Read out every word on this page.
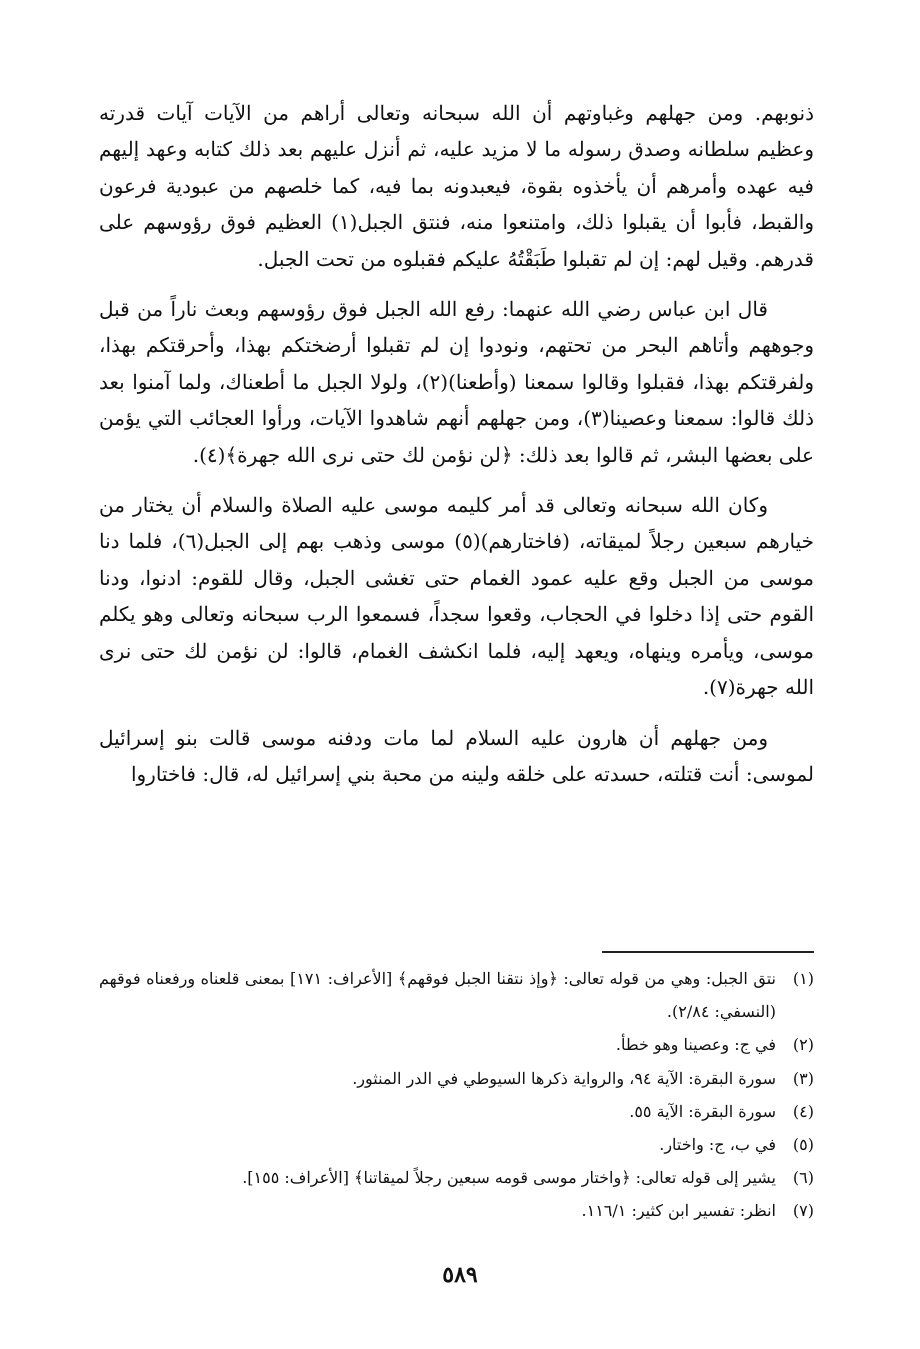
ذنوبهم. ومن جهلهم وغباوتهم أن الله سبحانه وتعالى أراهم من الآيات آيات قدرته وعظيم سلطانه وصدق رسوله ما لا مزيد عليه، ثم أنزل عليهم بعد ذلك كتابه وعهد إليهم فيه عهده وأمرهم أن يأخذوه بقوة، فيعبدونه بما فيه، كما خلصهم من عبودية فرعون والقبط، فأبوا أن يقبلوا ذلك، وامتنعوا منه، فنتق الجبل(١) العظيم فوق رؤوسهم على قدرهم. وقيل لهم: إن لم تقبلوا طَبَقْتُهُ عليكم فقبلوه من تحت الجبل.

قال ابن عباس رضي الله عنهما: رفع الله الجبل فوق رؤوسهم وبعث ناراً من قبل وجوههم وأتاهم البحر من تحتهم، ونودوا إن لم تقبلوا أرضختكم بهذا، وأحرقتكم بهذا، ولفرقتكم بهذا، فقبلوا وقالوا سمعنا (وأطعنا)(٢)، ولولا الجبل ما أطعناك، ولما آمنوا بعد ذلك قالوا: سمعنا وعصينا(٣)، ومن جهلهم أنهم شاهدوا الآيات، ورأوا العجائب التي يؤمن على بعضها البشر، ثم قالوا بعد ذلك: ﴿لن نؤمن لك حتى نرى الله جهرة﴾(٤).

وكان الله سبحانه وتعالى قد أمر كليمه موسى عليه الصلاة والسلام أن يختار من خيارهم سبعين رجلاً لميقاته، (فاختارهم)(٥) موسى وذهب بهم إلى الجبل(٦)، فلما دنا موسى من الجبل وقع عليه عمود الغمام حتى تغشى الجبل، وقال للقوم: ادنوا، ودنا القوم حتى إذا دخلوا في الحجاب، وقعوا سجداً، فسمعوا الرب سبحانه وتعالى وهو يكلم موسى، ويأمره وينهاه، ويعهد إليه، فلما انكشف الغمام، قالوا: لن نؤمن لك حتى نرى الله جهرة(٧).

ومن جهلهم أن هارون عليه السلام لما مات ودفنه موسى قالت بنو إسرائيل لموسى: أنت قتلته، حسدته على خلقه ولينه من محبة بني إسرائيل له، قال: فاختاروا

(١)
نتق الجبل: وهي من قوله تعالى: ﴿وإذ نتقنا الجبل فوقهم﴾ [الأعراف: ١٧١] بمعنى قلعناه ورفعناه فوقهم (النسفي: ٢/٨٤).
(٢)
في ج: وعصينا وهو خطأ.
(٣)
سورة البقرة: الآية ٩٤، والرواية ذكرها السيوطي في الدر المنثور.
(٤)
سورة البقرة: الآية ٥٥.
(٥)
في ب، ج: واختار.
(٦)
يشير إلى قوله تعالى: ﴿واختار موسى قومه سبعين رجلاً لميقاتنا﴾ [الأعراف: ١٥٥].
(٧)
انظر: تفسير ابن كثير: ١١٦/١.
٥٨٩
